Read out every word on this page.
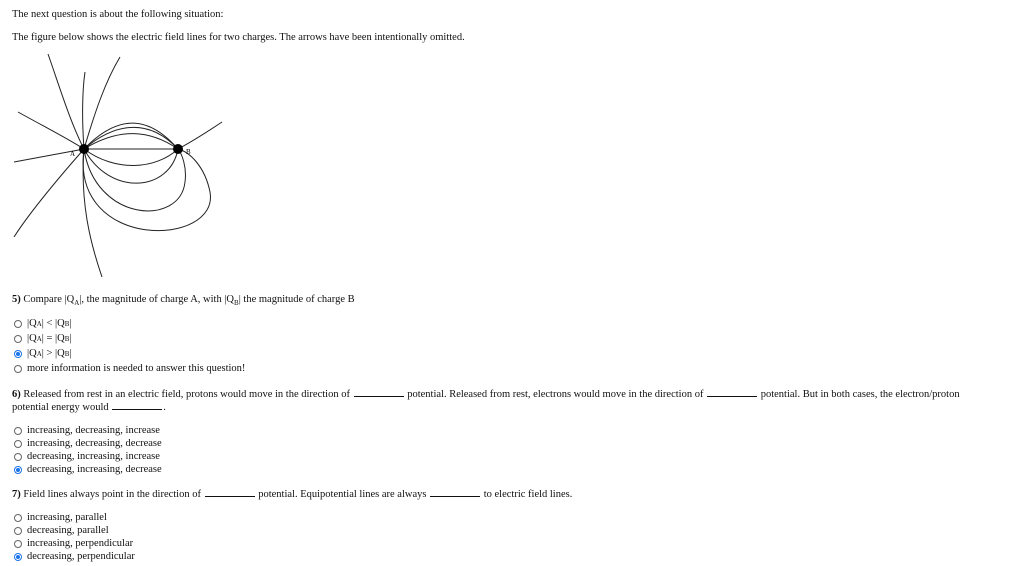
The next question is about the following situation:
The figure below shows the electric field lines for two charges. The arrows have been intentionally omitted.
A	B
5) Compare $|Q_A|$, the magnitude of charge A, with $|Q_B|$ the magnitude of charge B
|Q A | < |Q B |
|Q A | = |Q B |
|Q A | > |Q B |
more information is needed to answer this question!
6) Released from rest in an electric field, protons would move in the direction of	potential. Released from rest, electrons would move in the direction of	potential. But in both cases, the electron/proton
potential energy would	.
increasing, decreasing, increase
increasing, decreasing, decrease
decreasing, increasing, increase
decreasing, increasing, decrease
7) Field lines always point in the direction of	potential. Equipotential lines are always	to electric field lines.
increasing, parallel
decreasing, parallel
increasing, perpendicular
decreasing, perpendicular
